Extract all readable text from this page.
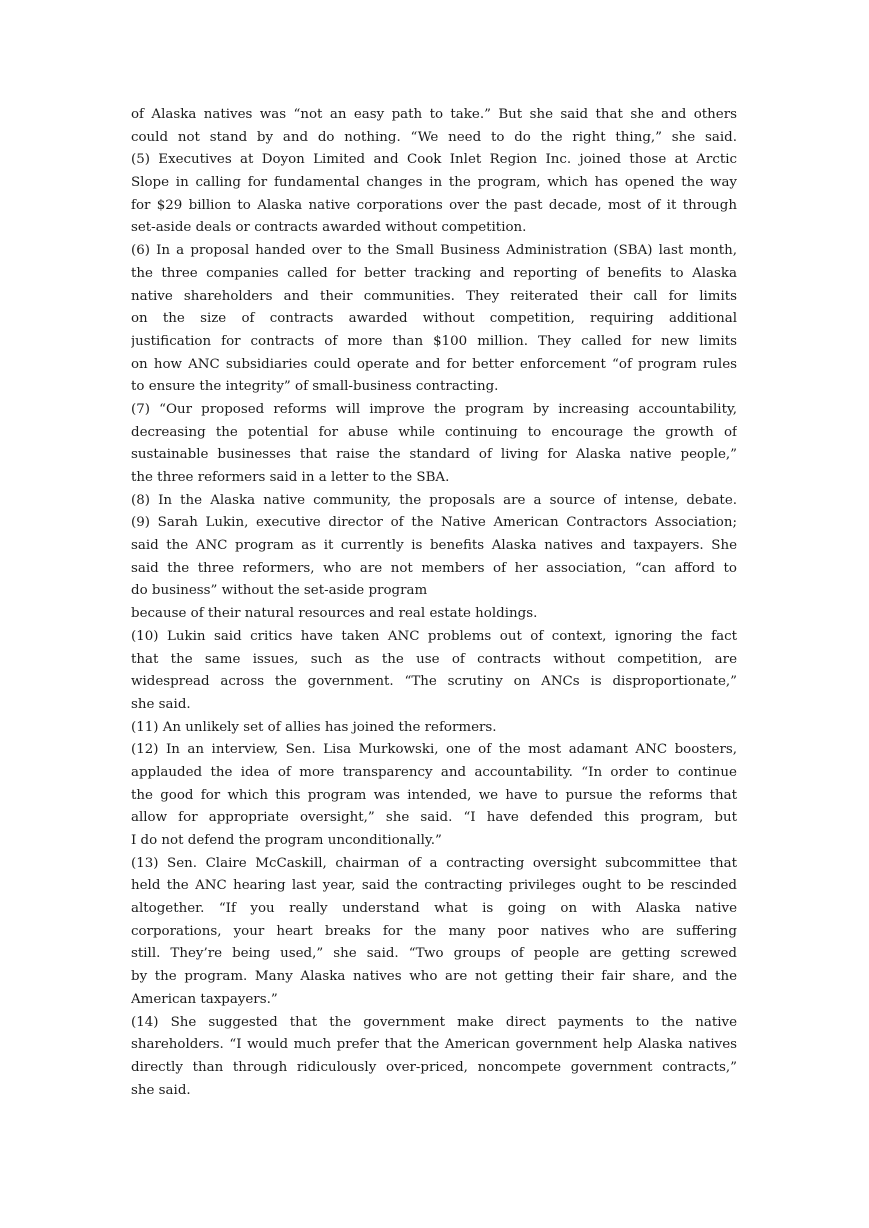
of Alaska natives was “not an easy path to take.” But she said that she and others
could not stand by and do nothing. “We need to do the right thing,” she said.
(5) Executives at Doyon Limited and Cook Inlet Region Inc. joined those at Arctic
Slope in calling for fundamental changes in the program, which has opened the way
for $29 billion to Alaska native corporations over the past decade, most of it through
set-aside deals or contracts awarded without competition.
(6) In a proposal handed over to the Small Business Administration (SBA) last month,
the three companies called for better tracking and reporting of benefits to Alaska
native shareholders and their communities. They reiterated their call for limits
on the size of contracts awarded without competition, requiring additional
justification for contracts of more than $100 million. They called for new limits
on how ANC subsidiaries could operate and for better enforcement “of program rules
to ensure the integrity” of small-business contracting.
(7) “Our proposed reforms will improve the program by increasing accountability,
decreasing the potential for abuse while continuing to encourage the growth of
sustainable businesses that raise the standard of living for Alaska native people,”
the three reformers said in a letter to the SBA.
(8) In the Alaska native community, the proposals are a source of intense, debate.
(9) Sarah Lukin, executive director of the Native American Contractors Association;
said the ANC program as it currently is benefits Alaska natives and taxpayers. She
said the three reformers, who are not members of her association, “can afford to
do business” without the set-aside program
because of their natural resources and real estate holdings.
(10) Lukin said critics have taken ANC problems out of context, ignoring the fact
that the same issues, such as the use of contracts without competition, are
widespread across the government. “The scrutiny on ANCs is disproportionate,”
she said.
(11) An unlikely set of allies has joined the reformers.
(12) In an interview, Sen. Lisa Murkowski, one of the most adamant ANC boosters,
applauded the idea of more transparency and accountability. “In order to continue
the good for which this program was intended, we have to pursue the reforms that
allow for appropriate oversight,” she said. “I have defended this program, but
I do not defend the program unconditionally.”
(13) Sen. Claire McCaskill, chairman of a contracting oversight subcommittee that
held the ANC hearing last year, said the contracting privileges ought to be rescinded
altogether. “If you really understand what is going on with Alaska native
corporations, your heart breaks for the many poor natives who are suffering
still. They’re being used,” she said. “Two groups of people are getting screwed
by the program. Many Alaska natives who are not getting their fair share, and the
American taxpayers.”
(14) She suggested that the government make direct payments to the native
shareholders. “I would much prefer that the American government help Alaska natives
directly than through ridiculously over-priced, noncompete government contracts,”
she said.
